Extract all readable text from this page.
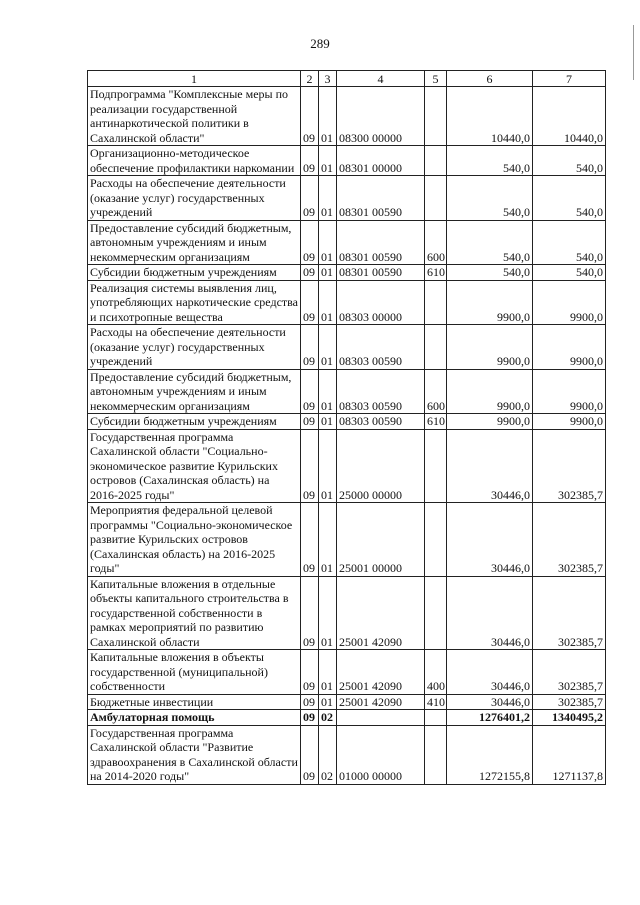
289
1	2	3	4	5	6	7
Подпрограмма "Комплексные меры по реализации государственной антинаркотической политики в Сахалинской области"	09	01	08300 00000		10440,0	10440,0
Организационно-методическое обеспечение профилактики наркомании	09	01	08301 00000		540,0	540,0
Расходы на обеспечение деятельности (оказание услуг) государственных учреждений	09	01	08301 00590		540,0	540,0
Предоставление субсидий бюджетным, автономным учреждениям и иным некоммерческим организациям	09	01	08301 00590	600	540,0	540,0
Субсидии бюджетным учреждениям	09	01	08301 00590	610	540,0	540,0
Реализация системы выявления лиц, употребляющих наркотические средства и психотропные вещества	09	01	08303 00000		9900,0	9900,0
Расходы на обеспечение деятельности (оказание услуг) государственных учреждений	09	01	08303 00590		9900,0	9900,0
Предоставление субсидий бюджетным, автономным учреждениям и иным некоммерческим организациям	09	01	08303 00590	600	9900,0	9900,0
Субсидии бюджетным учреждениям	09	01	08303 00590	610	9900,0	9900,0
Государственная программа Сахалинской области "Социально-экономическое развитие Курильских островов (Сахалинская область) на 2016-2025 годы"	09	01	25000 00000		30446,0	302385,7
Мероприятия федеральной целевой программы "Социально-экономическое развитие Курильских островов (Сахалинская область) на 2016-2025 годы"	09	01	25001 00000		30446,0	302385,7
Капитальные вложения в отдельные объекты капитального строительства в государственной собственности в рамках мероприятий по развитию Сахалинской области	09	01	25001 42090		30446,0	302385,7
Капитальные вложения в объекты государственной (муниципальной) собственности	09	01	25001 42090	400	30446,0	302385,7
Бюджетные инвестиции	09	01	25001 42090	410	30446,0	302385,7
Амбулаторная помощь	09	02			1276401,2	1340495,2
Государственная программа Сахалинской области "Развитие здравоохранения в Сахалинской области на 2014-2020 годы"	09	02	01000 00000		1272155,8	1271137,8
